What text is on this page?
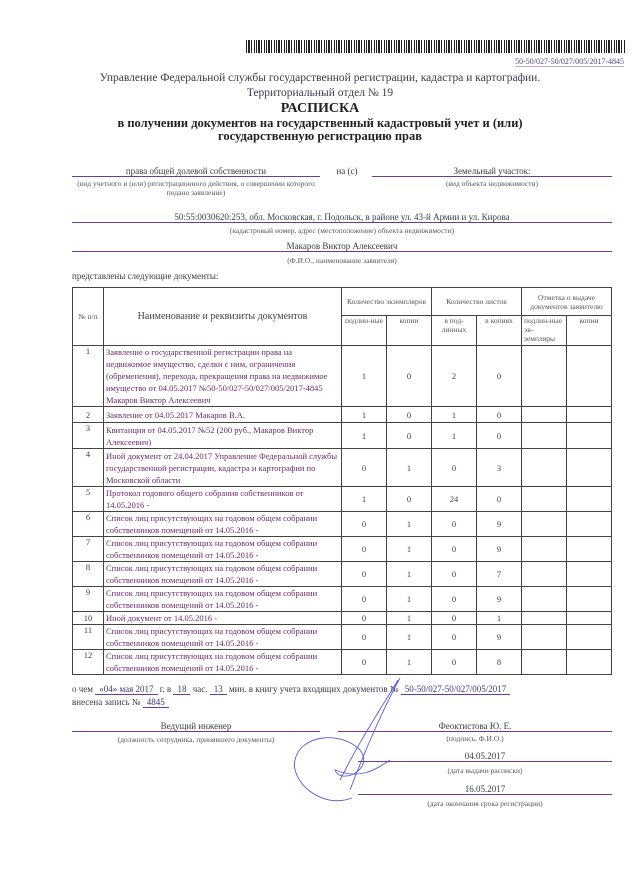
50-50/027-50/027/005/2017-4845
Управление Федеральной службы государственной регистрации, кадастра и картографии.
Территориальный отдел № 19
РАСПИСКА
в получении документов на государственный кадастровый учет и (или)
государственную регистрацию прав
права общей долевой собственности
(вид учетного и (или) регистрационного действия, о совершении которого подано заявление)
на (с)	Земельный участок:
(вид объекта недвижимости)
50:55:0030620:253, обл. Московская, г. Подольск, в районе ул. 43-й Армии и ул. Кирова
(кадастровый номер, адрес (местоположение) объекта недвижимости)
Макаров Виктор Алексеевич
(Ф.И.О., наименование заявителя)
представлены следующие документы:
№ п/п	Наименование и реквизиты документов	Количество экземпляров		Количество листов		Отметка о выдаче документов заявителю	
		подлин-ные	копии	в под-линных	в копиях	подлин-ные эк-земпляры	копии
1	Заявление о государственной регистрации права на недвижимое имущество, сделки с ним, ограничения (обременения), перехода, прекращения права на недвижимое имущество от 04.05.2017 №50-50/027-50/027/005/2017-4845 Макаров Виктор Алексеевич	1	0	2	0		
2	Заявление от 04.05.2017 Макаров В.А.	1	0	1	0		
3	Квитанция от 04.05.2017 №52 (200 руб., Макаров Виктор Алексеевич)	1	0	1	0		
4	Иной документ от 24.04.2017 Управление Федеральной службы государственной регистрации, кадастра и картографии по Московской области	0	1	0	3		
5	Протокол годового общего собрания собственников от 14.05.2016 -	1	0	24	0		
6	Список лиц присутствующих на годовом общем собрании собственников помещений от 14.05.2016 -	0	1	0	9		
7	Список лиц присутствующих на годовом общем собрании собственников помещений от 14.05.2016 -	0	1	0	9		
8	Список лиц присутствующих на годовом общем собрании собственников помещений от 14.05.2016 -	0	1	0	7		
9	Список лиц присутствующих на годовом общем собрании собственников помещений от 14.05.2016 -	0	1	0	9		
10	Иной документ от 14.05.2016 -	0	1	0	1		
11	Список лиц присутствующих на годовом общем собрании собственников помещений от 14.05.2016 -	0	1	0	9		
12	Список лиц присутствующих на годовом общем собрании собственников помещений от 14.05.2016 -	0	1	0	8		
о чем «04» мая 2017 г. в 18 час. 13 мин. в книгу учета входящих документов № 50-50/027-50/027/005/2017
внесена запись № 4845
Ведущий инженер
(должность сотрудника, принявшего документы)
Феоктистова Ю. Е.
(подпись, Ф.И.О.)
04.05.2017
(дата выдачи расписки)
16.05.2017
(дата окончания срока регистрации)
